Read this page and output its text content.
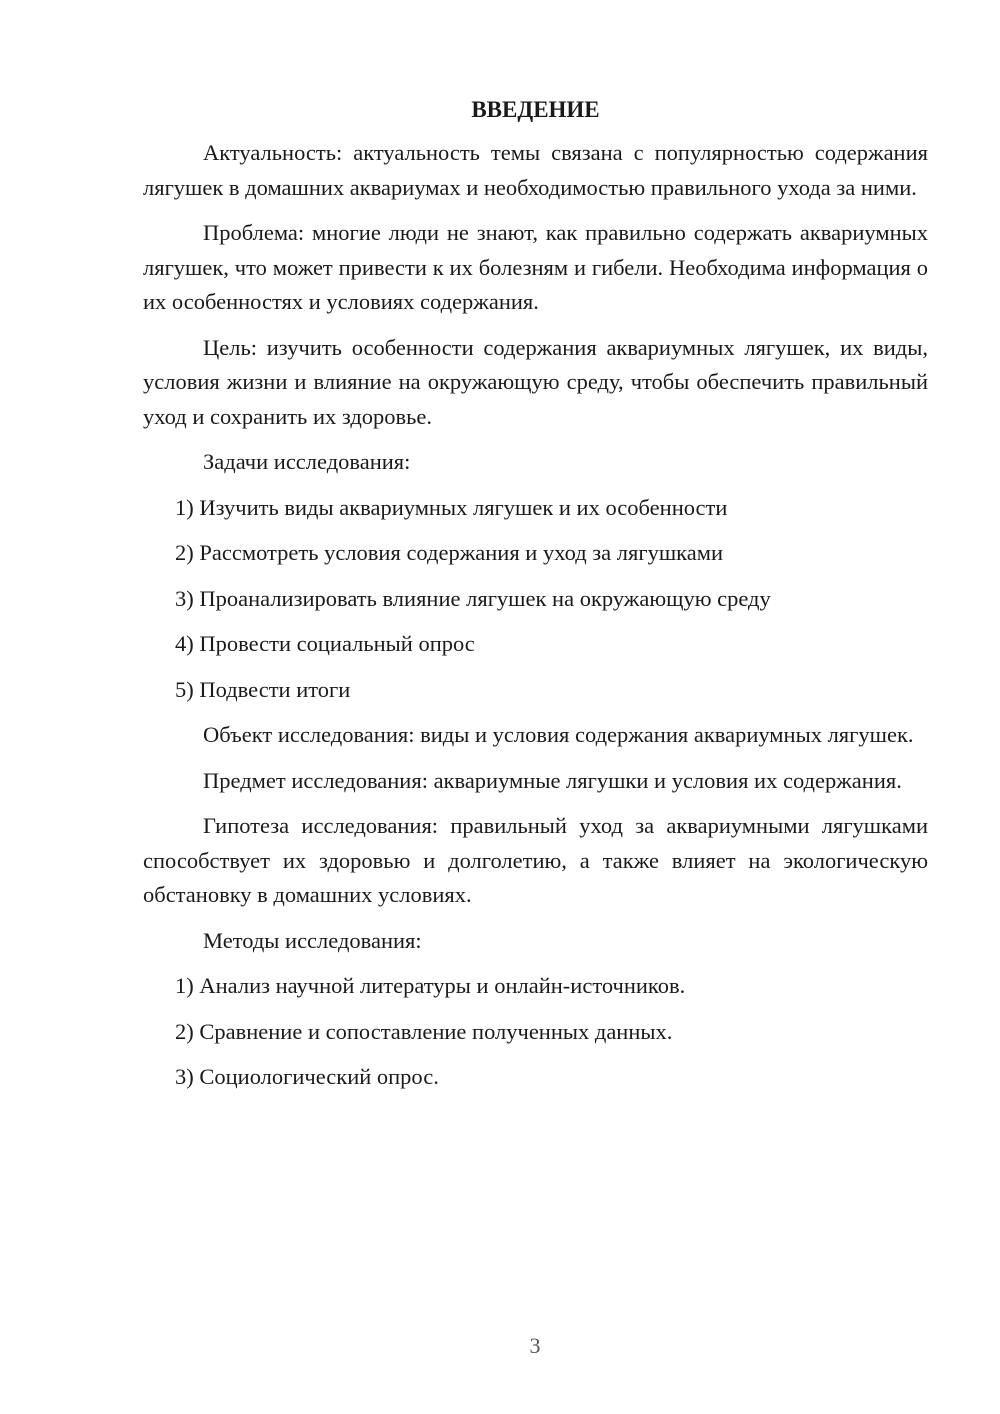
ВВЕДЕНИЕ

Актуальность: актуальность темы связана с популярностью содержания лягушек в домашних аквариумах и необходимостью правильного ухода за ними.

Проблема: многие люди не знают, как правильно содержать аквариумных лягушек, что может привести к их болезням и гибели. Необходима информация о их особенностях и условиях содержания.

Цель: изучить особенности содержания аквариумных лягушек, их виды, условия жизни и влияние на окружающую среду, чтобы обеспечить правильный уход и сохранить их здоровье.

Задачи исследования:

1) Изучить виды аквариумных лягушек и их особенности
2) Рассмотреть условия содержания и уход за лягушками
3) Проанализировать влияние лягушек на окружающую среду
4) Провести социальный опрос
5) Подвести итоги

Объект исследования: виды и условия содержания аквариумных лягушек.

Предмет исследования: аквариумные лягушки и условия их содержания.

Гипотеза исследования: правильный уход за аквариумными лягушками способствует их здоровью и долголетию, а также влияет на экологическую обстановку в домашних условиях.

Методы исследования:

1) Анализ научной литературы и онлайн-источников.
2) Сравнение и сопоставление полученных данных.
3) Социологический опрос.
3
